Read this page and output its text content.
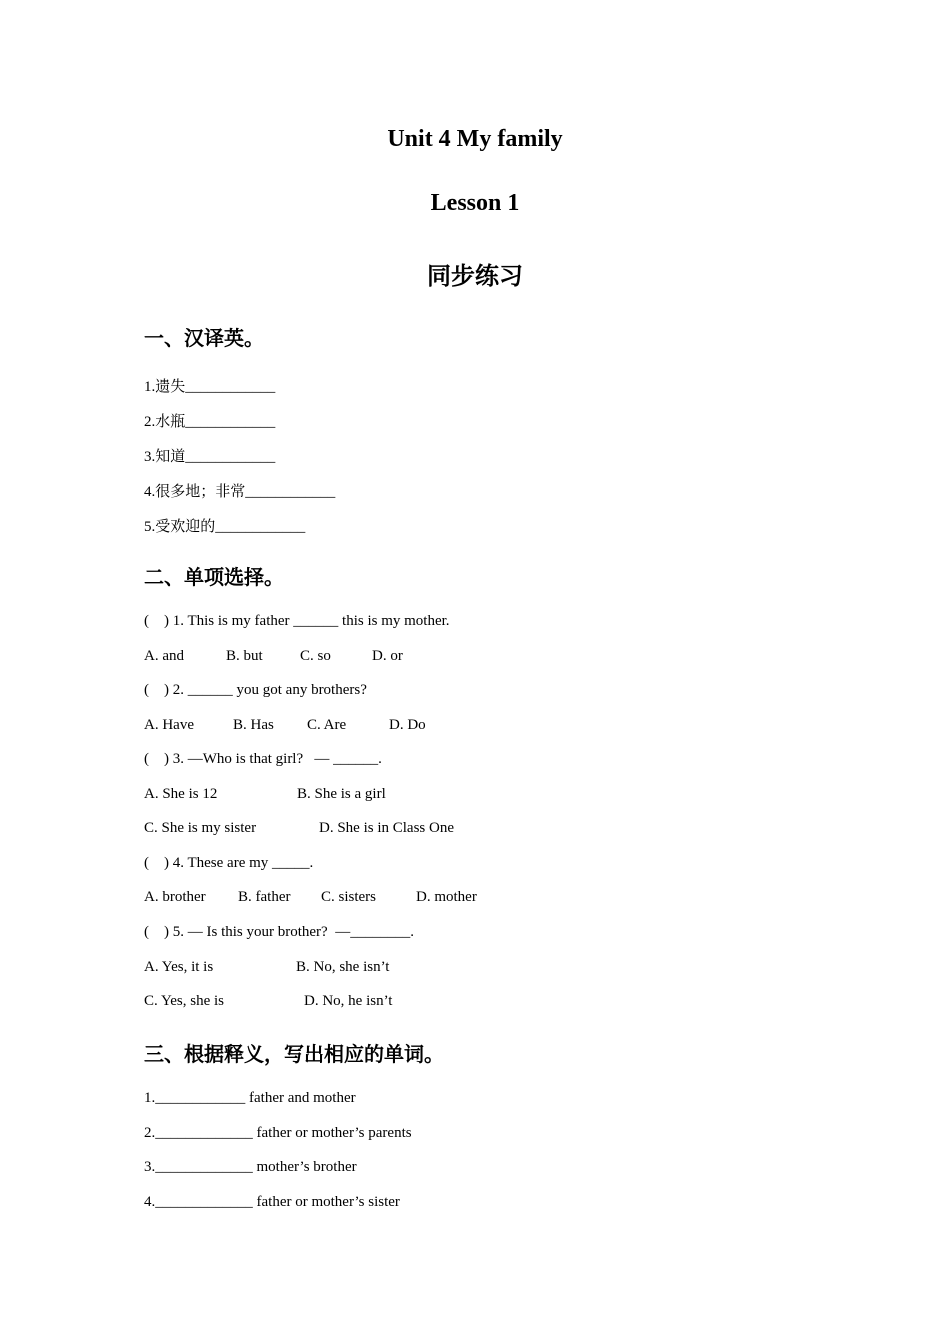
Unit 4 My family
Lesson 1
同步练习
一、汉译英。
1.遗失____________
2.水瓶____________
3.知道____________
4.很多地；非常____________
5.受欢迎的____________
二、单项选择。
(    ) 1. This is my father ______ this is my mother.

A. and	B. but C. so	D. or
(    ) 2. ______ you got any brothers?

A. Have	B. Has C. Are	D. Do
(    ) 3. —Who is that girl?   — ______.

A. She is 12	B. She is a girl

C. She is my sister	D. She is in Class One
(    ) 4. These are my _____.

A. brother B. father C. sisters	D. mother
(    ) 5. — Is this your brother?  —________.

A. Yes, it is	B. No, she isn’t

C. Yes, she is	D. No, he isn’t
三、根据释义，写出相应的单词。
1.____________ father and mother
2._____________ father or mother’s parents
3._____________ mother’s brother
4._____________ father or mother’s sister
